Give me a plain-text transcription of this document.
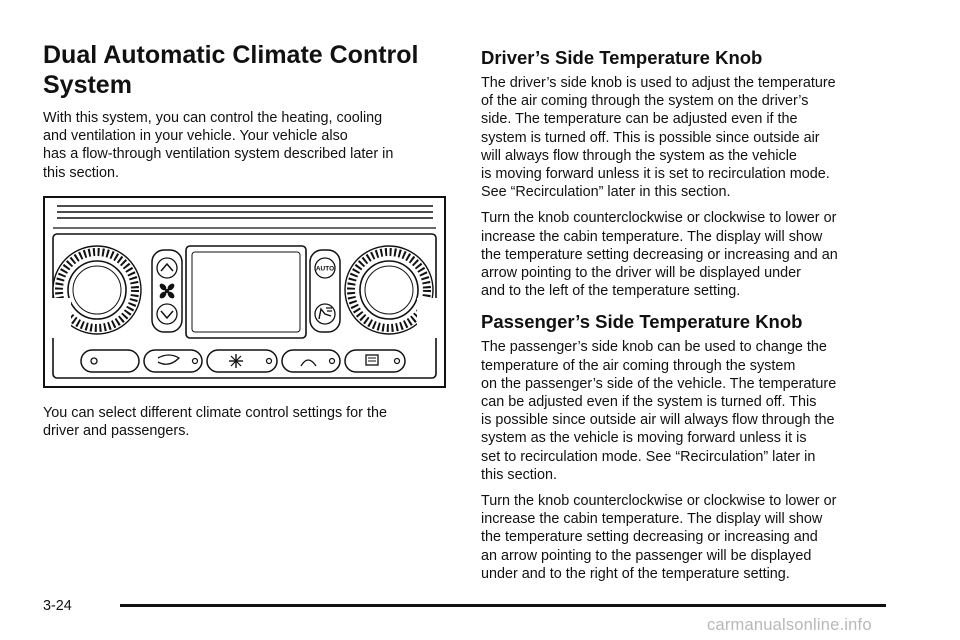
Dual Automatic Climate Control
System

With this system, you can control the heating, cooling
and ventilation in your vehicle. Your vehicle also
has a flow-through ventilation system described later in
this section.

AUTO

You can select different climate control settings for the
driver and passengers.

Driver’s Side Temperature Knob

The driver’s side knob is used to adjust the temperature
of the air coming through the system on the driver’s
side. The temperature can be adjusted even if the
system is turned off. This is possible since outside air
will always flow through the system as the vehicle
is moving forward unless it is set to recirculation mode.
See “Recirculation” later in this section.

Turn the knob counterclockwise or clockwise to lower or
increase the cabin temperature. The display will show
the temperature setting decreasing or increasing and an
arrow pointing to the driver will be displayed under
and to the left of the temperature setting.

Passenger’s Side Temperature Knob

The passenger’s side knob can be used to change the
temperature of the air coming through the system
on the passenger’s side of the vehicle. The temperature
can be adjusted even if the system is turned off. This
is possible since outside air will always flow through the
system as the vehicle is moving forward unless it is
set to recirculation mode. See “Recirculation” later in
this section.

Turn the knob counterclockwise or clockwise to lower or
increase the cabin temperature. The display will show
the temperature setting decreasing or increasing and
an arrow pointing to the passenger will be displayed
under and to the right of the temperature setting.

3-24
carmanualsonline.info
